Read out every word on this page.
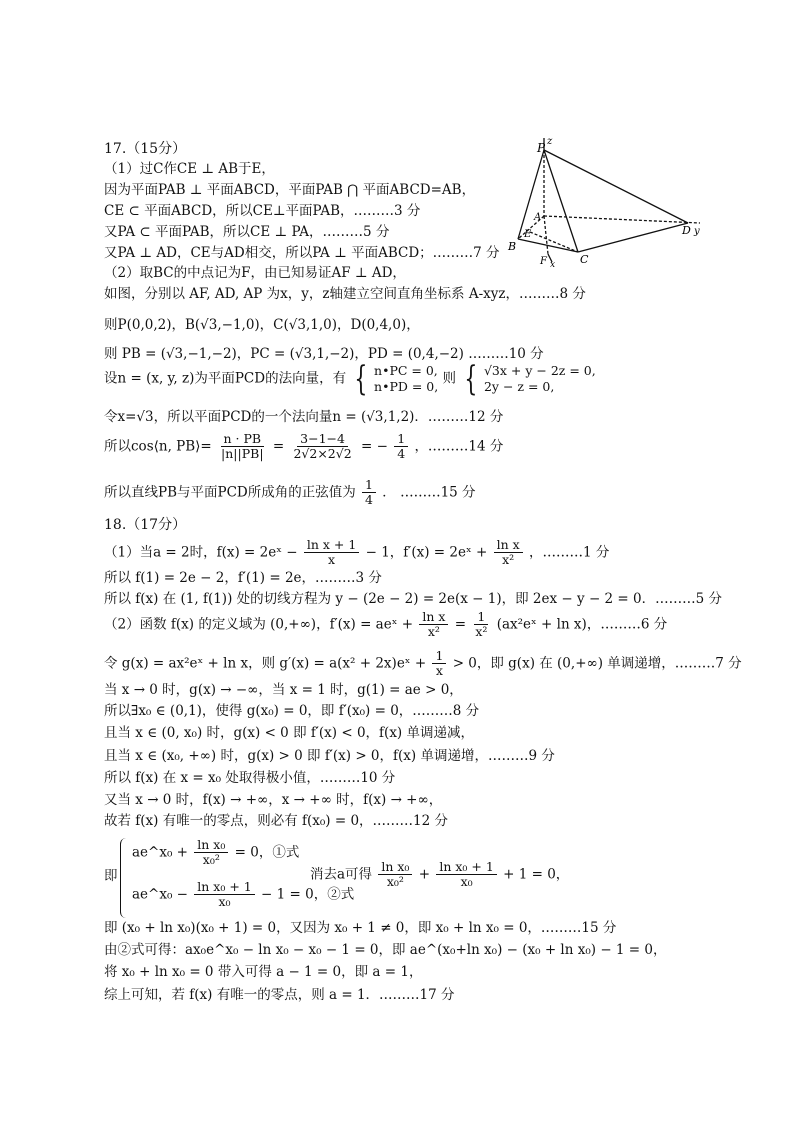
17.（15分）
（1）过C作CE ⊥ AB于E，
因为平面PAB ⊥ 平面ABCD，平面PAB ⋂ 平面ABCD=AB，
CE ⊂ 平面ABCD，所以CE⊥平面PAB，………3 分
又PA ⊂ 平面PAB，所以CE ⊥ PA，………5 分
又PA ⊥ AD，CE与AD相交，所以PA ⊥ 平面ABCD；………7 分
（2）取BC的中点记为F，由已知易证AF ⊥ AD，
如图，分别以 AF, AD, AP 为x，y，z轴建立空间直角坐标系 A-xyz，………8 分
则P(0,0,2)，B(√3,−1,0)，C(√3,1,0)，D(0,4,0)，
则 PB = (√3,−1,−2)，PC = (√3,1,−2)，PD = (0,4,−2) ………10 分
设n = (x, y, z)为平面PCD的法向量，有 { n•PC = 0,
n•PD = 0, 则 { √3x + y − 2z = 0,
2y − z = 0,
令x=√3，所以平面PCD的一个法向量n = (√3,1,2)．………12 分
所以cos⟨n, PB⟩= $\frac{n \cdot PB}{|n||PB|} = \frac{3-1-4}{2√2\times 2√2}$ = − $\frac{1}{4}$ ，………14 分
所以直线PB与平面PCD所成角的正弦值为 $\frac{1}{4}$ ． ………15 分
P z
A
E
B
F x C
D y
18.（17分）
（1）当a = 2时，f(x) = 2eˣ − $\frac{\text{ln x + 1}}{x} - 1$，f′(x) = 2eˣ + $\frac{\text{ln x}}{\text{x²}}$ ，………1 分
所以 f(1) = 2e − 2，f′(1) = 2e，………3 分
所以 f(x) 在 (1, f(1)) 处的切线方程为 y − (2e − 2) = 2e(x − 1)，即 2ex − y − 2 = 0．………5 分
（2）函数 f(x) 的定义域为 (0,+∞)，f′(x) = aeˣ + $\frac{\text{ln x}}{\text{x²}} = \frac{1}{\text{x²}}$ (ax²eˣ + ln x)，………6 分
令 g(x) = ax²eˣ + ln x，则 g′(x) = a(x² + 2x)eˣ + $\frac{1}{x} > 0$，即 g(x) 在 (0,+∞) 单调递增，………7 分
当 x → 0 时，g(x) → −∞，当 x = 1 时，g(1) = ae > 0，
所以∃x₀ ∈ (0,1)，使得 g(x₀) = 0，即 f′(x₀) = 0，………8 分
且当 x ∈ (0, x₀) 时，g(x) < 0 即 f′(x) < 0，f(x) 单调递减，
且当 x ∈ (x₀, +∞) 时，g(x) > 0 即 f′(x) > 0，f(x) 单调递增，………9 分
所以 f(x) 在 x = x₀ 处取得极小值，………10 分
又当 x → 0 时，f(x) → +∞，x → +∞ 时，f(x) → +∞，
故若 f(x) 有唯一的零点，则必有 f(x₀) = 0，………12 分
即
ae^x₀ + $\frac{\text{ln x₀}}{\text{x₀²}} = 0$，①式
ae^x₀ − $\frac{\text{ln x₀ + 1}}{\text{x₀}} - 1 = 0$，②式
消去a可得 $\frac{\text{ln x₀}}{\text{x₀²}} + \frac{\text{ln x₀ + 1}}{\text{x₀}} + 1 = 0$，
即 (x₀ + ln x₀)(x₀ + 1) = 0，又因为 x₀ + 1 ≠ 0，即 x₀ + ln x₀ = 0，………15 分
由②式可得：ax₀e^x₀ − ln x₀ − x₀ − 1 = 0，即 ae^(x₀+ln x₀) − (x₀ + ln x₀) − 1 = 0，
将 x₀ + ln x₀ = 0 带入可得 a − 1 = 0，即 a = 1，
综上可知，若 f(x) 有唯一的零点，则 a = 1．………17 分
